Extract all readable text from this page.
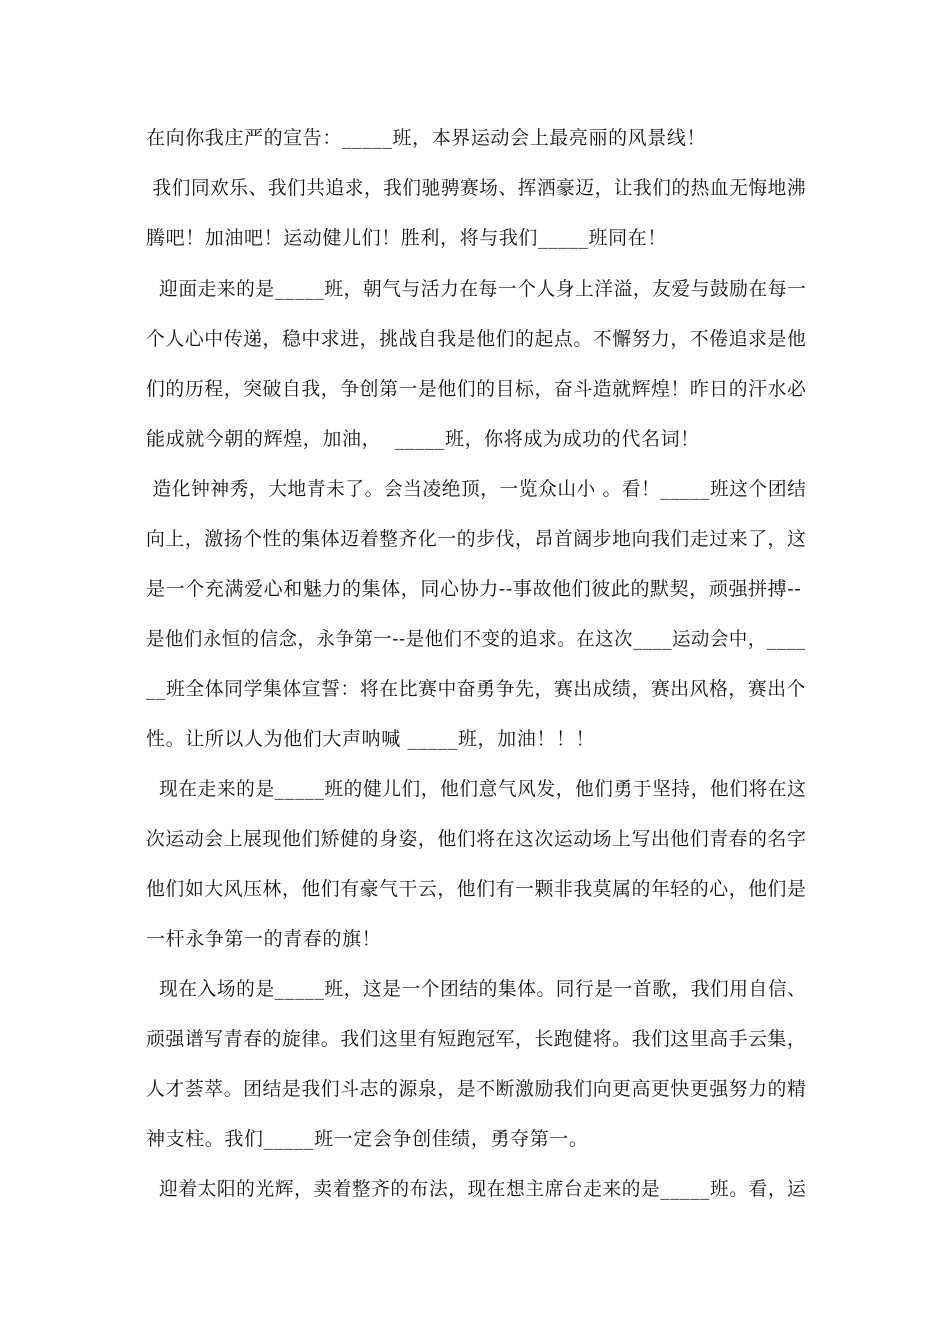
在向你我庄严的宣告：_____班，本界运动会上最亮丽的风景线！
我们同欢乐、我们共追求，我们驰骋赛场、挥洒豪迈，让我们的热血无悔地沸
腾吧！加油吧！运动健儿们！胜利，将与我们_____班同在！
迎面走来的是_____班，朝气与活力在每一个人身上洋溢，友爱与鼓励在每一
个人心中传递，稳中求进，挑战自我是他们的起点。不懈努力，不倦追求是他
们的历程，突破自我，争创第一是他们的目标，奋斗造就辉煌！昨日的汗水必
能成就今朝的辉煌，加油，  _____班，你将成为成功的代名词！
造化钟神秀，大地青未了。会当凌绝顶，一览众山小 。看！_____班这个团结
向上，激扬个性的集体迈着整齐化一的步伐，昂首阔步地向我们走过来了，这
是一个充满爱心和魅力的集体，同心协力--事故他们彼此的默契，顽强拼搏--
是他们永恒的信念，永争第一--是他们不变的追求。在这次____运动会中，____
__班全体同学集体宣誓：将在比赛中奋勇争先，赛出成绩，赛出风格，赛出个
性。让所以人为他们大声呐喊 _____班，加油！！！
现在走来的是_____班的健儿们，他们意气风发，他们勇于坚持，他们将在这
次运动会上展现他们矫健的身姿，他们将在这次运动场上写出他们青春的名字
他们如大风压林，他们有豪气干云，他们有一颗非我莫属的年轻的心，他们是
一杆永争第一的青春的旗！
现在入场的是_____班，这是一个团结的集体。同行是一首歌，我们用自信、
顽强谱写青春的旋律。我们这里有短跑冠军，长跑健将。我们这里高手云集，
人才荟萃。团结是我们斗志的源泉，是不断激励我们向更高更快更强努力的精
神支柱。我们_____班一定会争创佳绩，勇夺第一。
迎着太阳的光辉，卖着整齐的布法，现在想主席台走来的是_____班。看，运
